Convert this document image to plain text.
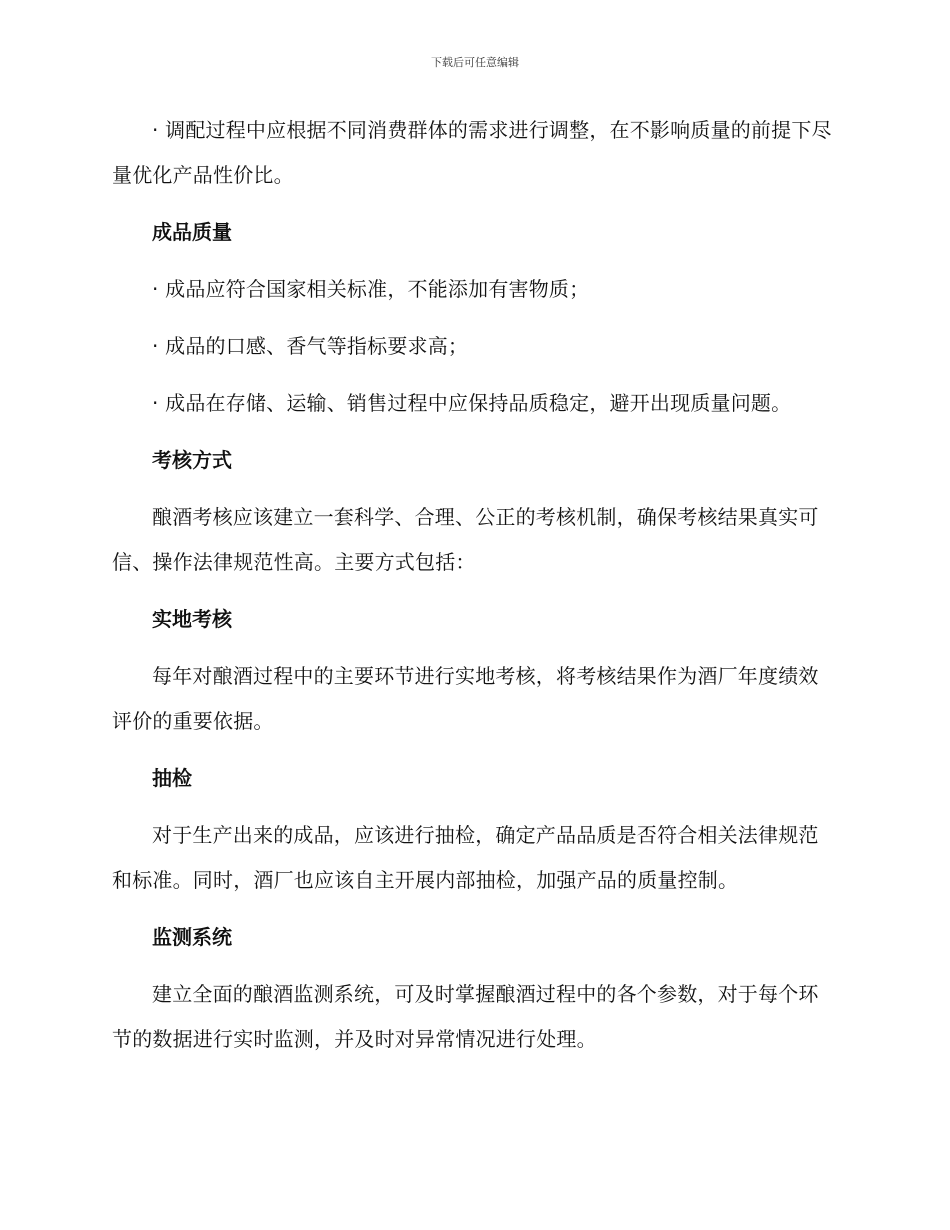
下载后可任意编辑

· 调配过程中应根据不同消费群体的需求进行调整，在不影响质量的前提下尽量优化产品性价比。

成品质量

· 成品应符合国家相关标准，不能添加有害物质；

· 成品的口感、香气等指标要求高；

· 成品在存储、运输、销售过程中应保持品质稳定，避开出现质量问题。

考核方式

酿酒考核应该建立一套科学、合理、公正的考核机制，确保考核结果真实可信、操作法律规范性高。主要方式包括：

实地考核

每年对酿酒过程中的主要环节进行实地考核，将考核结果作为酒厂年度绩效评价的重要依据。

抽检

对于生产出来的成品，应该进行抽检，确定产品品质是否符合相关法律规范和标准。同时，酒厂也应该自主开展内部抽检，加强产品的质量控制。

监测系统

建立全面的酿酒监测系统，可及时掌握酿酒过程中的各个参数，对于每个环节的数据进行实时监测，并及时对异常情况进行处理。
